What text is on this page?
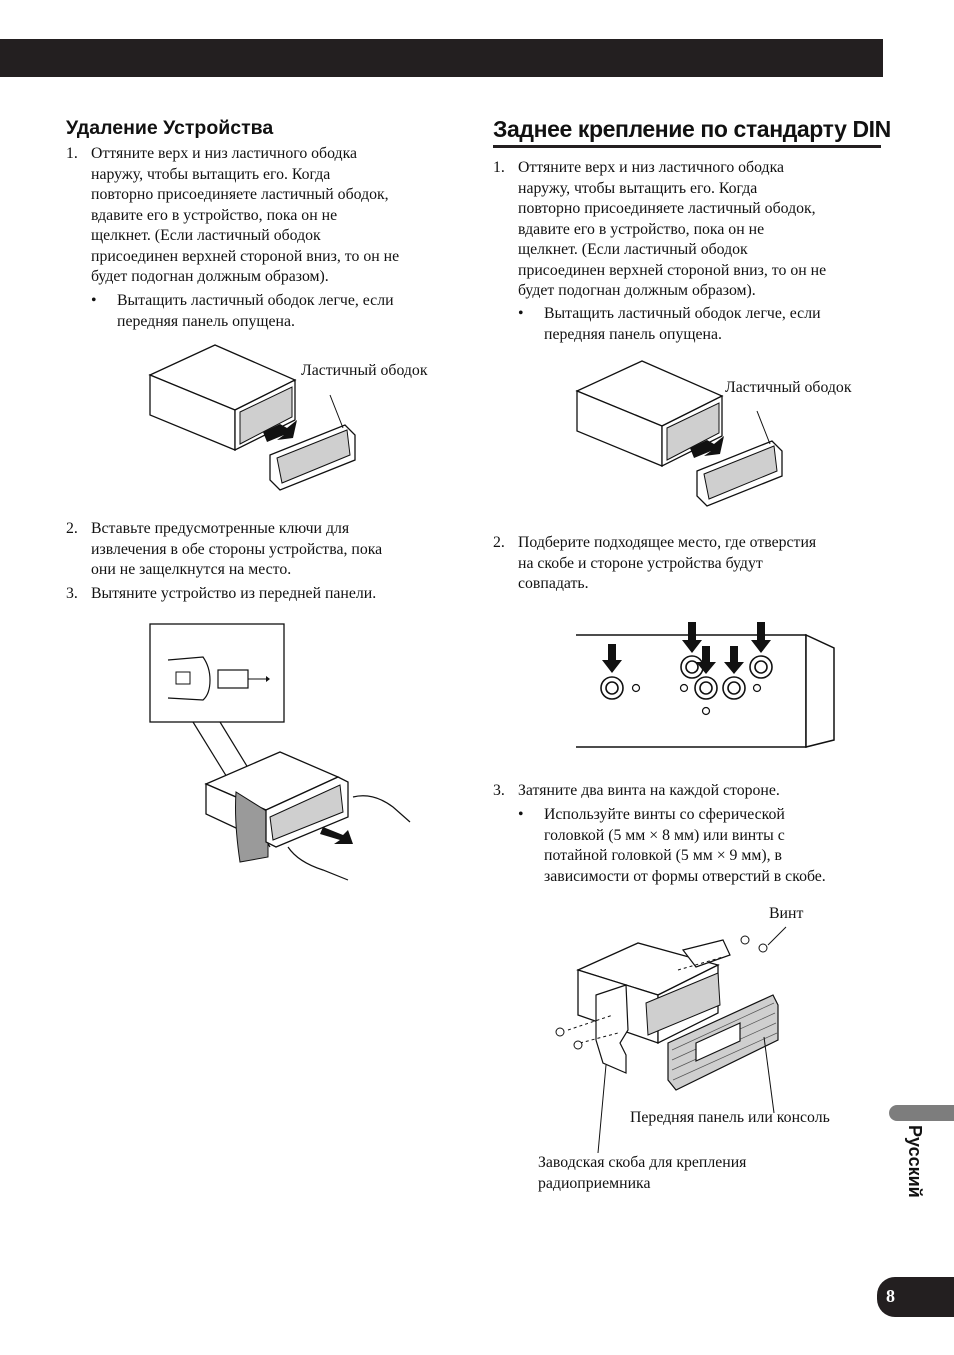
Удаление Устройства
1. Оттяните верх и низ ластичного ободка
наружу, чтобы вытащить его. Когда
повторно присоединяете ластичный ободок,
вдавите его в устройство, пока он не
щелкнет. (Если ластичный ободок
присоединен верхней стороной вниз, то он не
будет подогнан должным образом).
• Вытащить ластичный ободок легче, если
передняя панель опущена.
Ластичный ободок
2. Вставьте предусмотренные ключи для
извлечения в обе стороны устройства, пока
они не защелкнутся на место.
3. Вытяните устройство из передней панели.
Заднее крепление по стандарту DIN
1. Оттяните верх и низ ластичного ободка
наружу, чтобы вытащить его. Когда
повторно присоединяете ластичный ободок,
вдавите его в устройство, пока он не
щелкнет. (Если ластичный ободок
присоединен верхней стороной вниз, то он не
будет подогнан должным образом).
• Вытащить ластичный ободок легче, если
передняя панель опущена.
Ластичный ободок
2. Подберите подходящее место, где отверстия
на скобе и стороне устройства будут
совпадать.
3. Затяните два винта на каждой стороне.
• Используйте винты со сферической
головкой (5 мм × 8 мм) или винты с
потайной головкой (5 мм × 9 мм), в
зависимости от формы отверстий в скобе.
Винт
Передняя панель или консоль
Заводская скоба для крепления
радиоприемника	Русский
8
